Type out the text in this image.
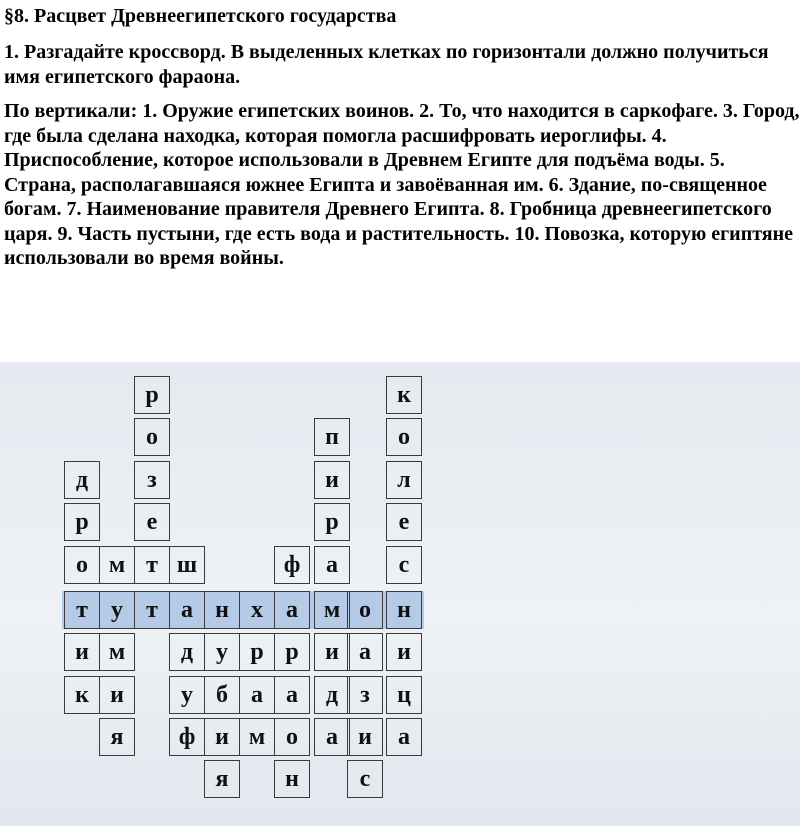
§8. Расцвет Древнеегипетского государства

1. Разгадайте кроссворд. В выделенных клетках по горизонтали должно получиться имя египетского фараона.

По вертикали: 1. Оружие египетских воинов. 2. То, что находится в саркофаге. 3. Город, где была сделана находка, которая помогла расшифровать иероглифы. 4. Приспособление, которое использовали в Древнем Египте для подъёма воды. 5. Страна, располагавшаяся южнее Египта и завоёванная им. 6. Здание, по-священное богам. 7. Наименование правителя Древнего Египта. 8. Гробница древнеегипетского царя. 9. Часть пустыни, где есть вода и растительность. 10. Повозка, которую египтяне использовали во время войны.

д
р
о
т
и
к
м
у
м
и
я
р
о
з
е
т
т
ш
а
д
у
ф
н
у
б
и
я
х
р
а
м
ф
а
р
а
о
н
п
и
р
а
м
и
д
а
о
а
з
и
с
к
о
л
е
с
н
и
ц
а
